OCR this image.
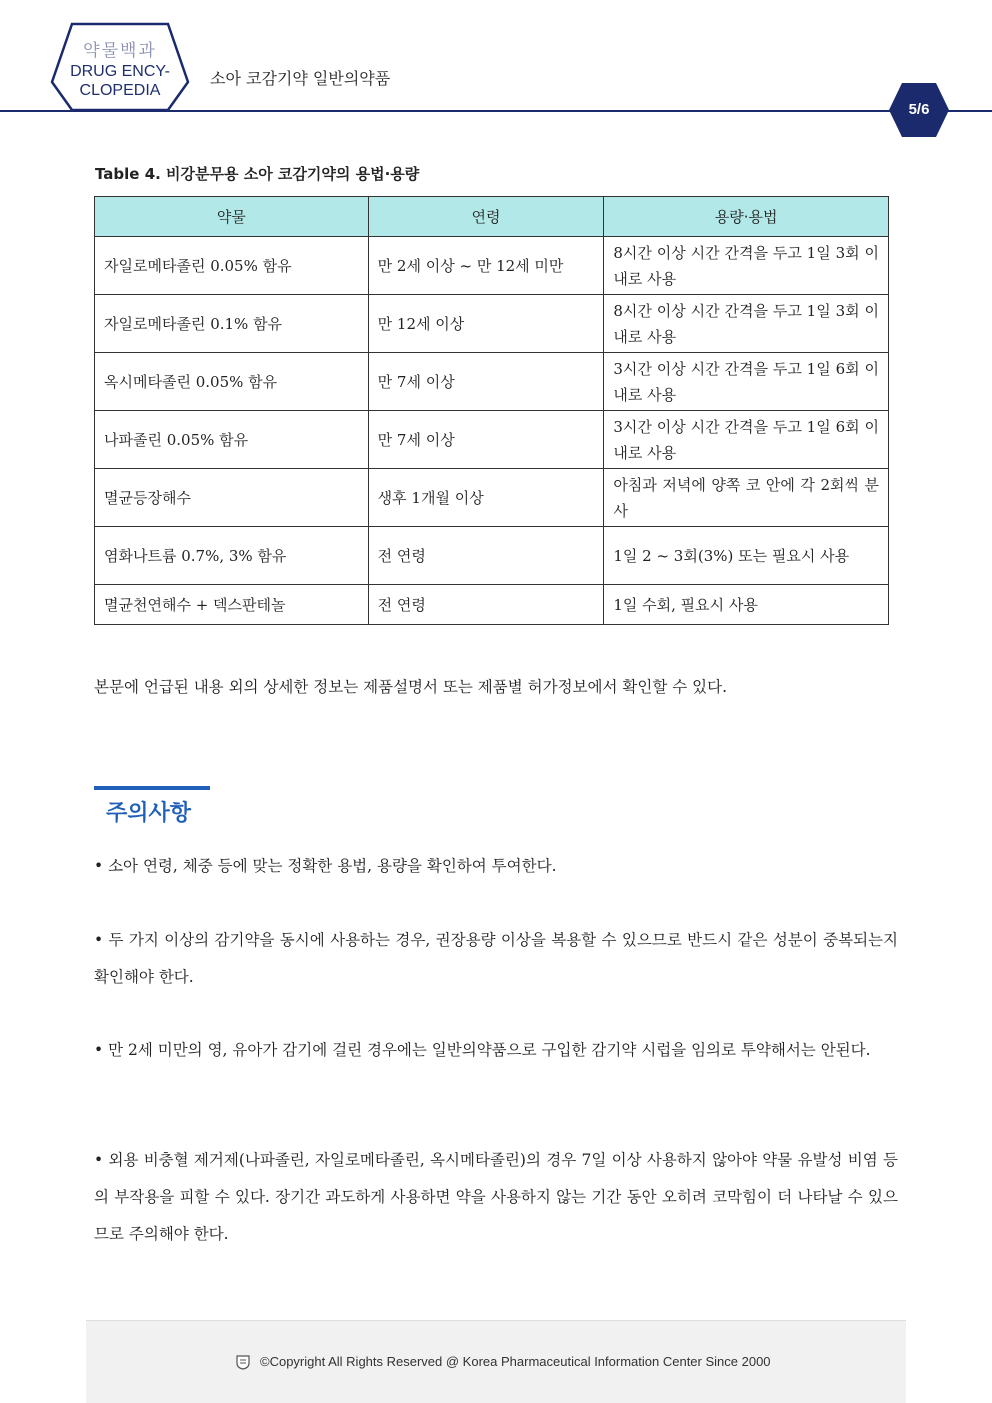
약물백과
DRUG ENCY-
CLOPEDIA
소아 코감기약 일반의약품
5/6
Table 4. 비강분무용 소아 코감기약의 용법·용량
약물	연령	용량·용법
자일로메타졸린 0.05% 함유	만 2세 이상 ~ 만 12세 미만	8시간 이상 시간 간격을 두고 1일 3회 이내로 사용
자일로메타졸린 0.1% 함유	만 12세 이상	8시간 이상 시간 간격을 두고 1일 3회 이내로 사용
옥시메타졸린 0.05% 함유	만 7세 이상	3시간 이상 시간 간격을 두고 1일 6회 이내로 사용
나파졸린 0.05% 함유	만 7세 이상	3시간 이상 시간 간격을 두고 1일 6회 이내로 사용
멸균등장해수	생후 1개월 이상	아침과 저녁에 양쪽 코 안에 각 2회씩 분사
염화나트륨 0.7%, 3% 함유	전 연령	1일 2 ~ 3회(3%) 또는 필요시 사용
멸균천연해수 + 덱스판테놀	전 연령	1일 수회, 필요시 사용
본문에 언급된 내용 외의 상세한 정보는 제품설명서 또는 제품별 허가정보에서 확인할 수 있다.
주의사항

• 소아 연령, 체중 등에 맞는 정확한 용법, 용량을 확인하여 투여한다.

• 두 가지 이상의 감기약을 동시에 사용하는 경우, 권장용량 이상을 복용할 수 있으므로 반드시 같은 성분이 중복되는지 확인해야 한다.

• 만 2세 미만의 영, 유아가 감기에 걸린 경우에는 일반의약품으로 구입한 감기약 시럽을 임의로 투약해서는 안된다.

• 외용 비충혈 제거제(나파졸린, 자일로메타졸린, 옥시메타졸린)의 경우 7일 이상 사용하지 않아야 약물 유발성 비염 등의 부작용을 피할 수 있다. 장기간 과도하게 사용하면 약을 사용하지 않는 기간 동안 오히려 코막힘이 더 나타날 수 있으므로 주의해야 한다.

©Copyright All Rights Reserved @ Korea Pharmaceutical Information Center Since 2000
